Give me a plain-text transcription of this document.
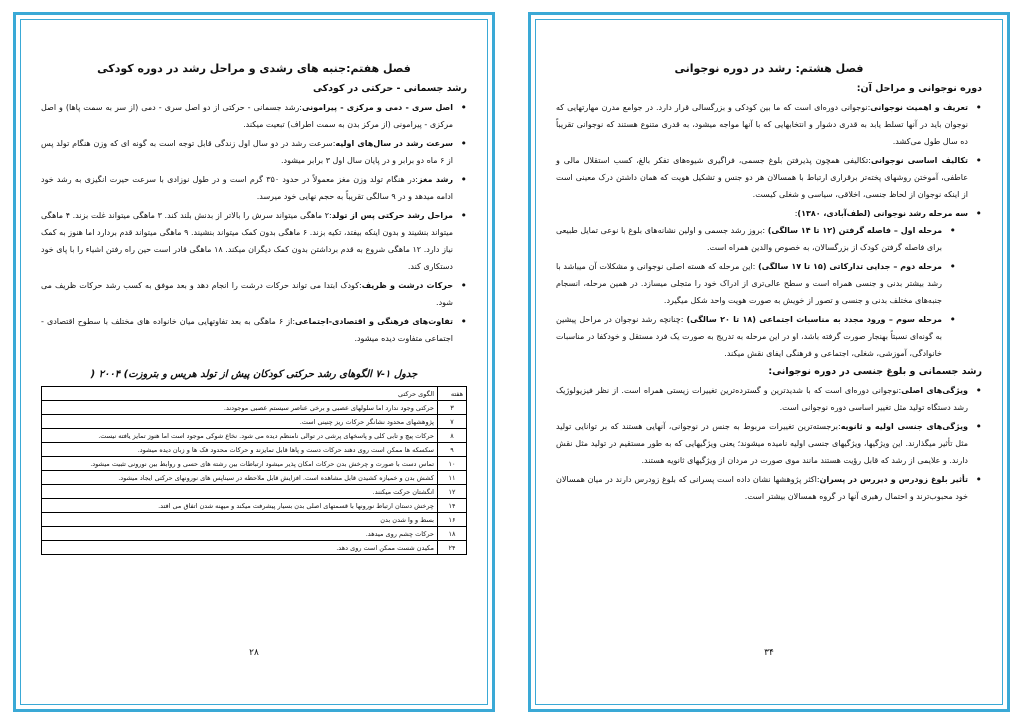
فصل هفتم:جنبه های رشدی و مراحل رشد در دوره کودکی
رشد جسمانی - حرکتی در کودکی
• اصل سری - دمی و مرکزی - پیرامونی:رشد جسمانی - حرکتی از دو اصل سری - دمی (از سر به سمت پاها) و اصل مرکزی - پیرامونی (از مرکز بدن به سمت اطراف) تبعیت میکند.
• سرعت رشد در سال‌های اولیه:سرعت رشد در دو سال اول زندگی قابل توجه است به گونه ای که وزن هنگام تولد پس از ۶ ماه دو برابر و در پایان سال اول ۳ برابر میشود.
• رشد مغز:در هنگام تولد وزن مغز معمولاً در حدود ۳۵۰ گرم است و در طول نوزادی با سرعت حیرت انگیزی به رشد خود ادامه میدهد و در ۹ سالگی تقریباً به حجم نهایی خود میرسد.
• مراحل رشد حرکتی پس از تولد:۲ ماهگی میتواند سرش را بالاتر از بدنش بلند کند. ۳ ماهگی میتواند غلت بزند. ۴ ماهگی میتواند بنشیند و بدون اینکه بیفتد، تکیه بزند. ۶ ماهگی بدون کمک میتواند بنشیند. ۹ ماهگی میتواند قدم بردارد اما هنوز به کمک نیاز دارد. ۱۲ ماهگی شروع به قدم برداشتن بدون کمک دیگران میکند. ۱۸ ماهگی قادر است حین راه رفتن اشیاء را با پای خود دستکاری کند.
• حرکات درشت و ظریف:کودک ابتدا می تواند حرکات درشت را انجام دهد و بعد موفق به کسب رشد حرکات ظریف می شود.
• تفاوت‌های فرهنگی و اقتصادی-اجتماعی:از ۶ ماهگی به بعد تفاوتهایی میان خانواده های مختلف با سطوح اقتصادی - اجتماعی متفاوت دیده میشود.
جدول ۱-۷ الگوهای رشد حرکتی کودکان پیش از تولد هریس و بتروزت) ۲۰۰۴ (
هفته	الگوی حرکتی
۳	حرکتی وجود ندارد اما سلولهای عصبی و برخی عناصر سیستم عصبی موجودند.
۷	پژوهشهای محدود نشانگر حرکات ریز چنینی است.
۸	حرکات پیچ و تابی کلی و پاسخهای پرشی در توالی نامنظم دیده می شود. نخاع شوکی موجود است اما هنوز تمایز یافته نیست.
۹	سکسکه ها ممکن است روی دهند حرکات دست و پاها قابل تمایزند و حرکات محدود فک ها و زبان دیده میشود.
۱۰	تماس دست با صورت و چرخش بدن حرکات امکان پذیر میشود ارتباطات بین رشته های حسی و روابط بین نورونی تثبیت میشود.
۱۱	کشش بدن و خمیازه کشیدن قابل مشاهده است. افزایش قابل ملاحظه در سیناپس های نورونهای حرکتی ایجاد میشود.
۱۲	انگشتان حرکت میکنند.
۱۴	چرخش دستان ارتباط نورونها با قسمتهای اصلی بدن بسیار پیشرفت میکند و میهنه شدن اتفاق می افتد.
۱۶	بسط و وا شدن بدن
۱۸	حرکات چشم روی میدهد.
۲۴	مکیدن شست ممکن است روی دهد.
۲۸
فصل هشتم: رشد در دوره نوجوانی
دوره نوجوانی و مراحل آن:
• تعریف و اهمیت نوجوانی:نوجوانی دوره‌ای است که ما بین کودکی و بزرگسالی قرار دارد. در جوامع مدرن مهارتهایی که نوجوان باید در آنها تسلط یابد به قدری دشوار و انتخابهایی که با آنها مواجه میشود، به قدری متنوع هستند که نوجوانی تقریباً ده سال طول می‌کشد.
• تکالیف اساسی نوجوانی:تکالیفی همچون پذیرفتن بلوغ جسمی، فراگیری شیوه‌های تفکر بالغ، کسب استقلال مالی و عاطفی، آموختن روشهای پخته‌تر برقراری ارتباط با همسالان هر دو جنس و تشکیل هویت که همان داشتن درک معینی است از اینکه نوجوان از لحاظ جنسی، اخلاقی، سیاسی و شغلی کیست.
• سه مرحله رشد نوجوانی (لطف‌آبادی، ۱۳۸۰):
• مرحله اول – فاصله گرفتن (۱۲ تا ۱۴ سالگی) :بروز رشد جسمی و اولین نشانه‌های بلوغ با نوعی تمایل طبیعی برای فاصله گرفتن کودک از بزرگسالان، به خصوص والدین همراه است.
• مرحله دوم – جدایی تدارکاتی (۱۵ تا ۱۷ سالگی) :این مرحله که هسته اصلی نوجوانی و مشکلات آن میباشد با رشد بیشتر بدنی و جنسی همراه است و سطح عالی‌تری از ادراک خود را متجلی میسازد. در همین مرحله، انسجام جنبه‌های مختلف بدنی و جنسی و تصور از خویش به صورت هویت واحد شکل میگیرد.
• مرحله سوم – ورود مجدد به مناسبات اجتماعی (۱۸ تا ۲۰ سالگی) :چنانچه رشد نوجوان در مراحل پیشین به گونه‌ای نسبتاً بهنجار صورت گرفته باشد، او در این مرحله به تدریج به صورت یک فرد مستقل و خودکفا در مناسبات خانوادگی، آموزشی، شغلی، اجتماعی و فرهنگی ایفای نقش میکند.
رشد جسمانی و بلوغ جنسی در دوره نوجوانی:
• ویژگی‌های اصلی:نوجوانی دوره‌ای است که با شدیدترین و گسترده‌ترین تغییرات زیستی همراه است. از نظر فیزیولوژیک رشد دستگاه تولید مثل تغییر اساسی دوره نوجوانی است.
• ویژگی‌های جنسی اولیه و ثانویه:برجسته‌ترین تغییرات مربوط به جنس در نوجوانی، آنهایی هستند که بر توانایی تولید مثل تأثیر میگذارند. این ویژگیها، ویژگیهای جنسی اولیه نامیده میشوند؛ یعنی ویژگیهایی که به طور مستقیم در تولید مثل نقش دارند. و علایمی از رشد که قابل رؤیت هستند مانند موی صورت در مردان از ویژگیهای ثانویه هستند.
• تأثیر بلوغ زودرس و دیررس در پسران:اکثر پژوهشها نشان داده است پسرانی که بلوغ زودرس دارند در میان همسالان خود محبوب‌ترند و احتمال رهبری آنها در گروه همسالان بیشتر است.
۳۴
